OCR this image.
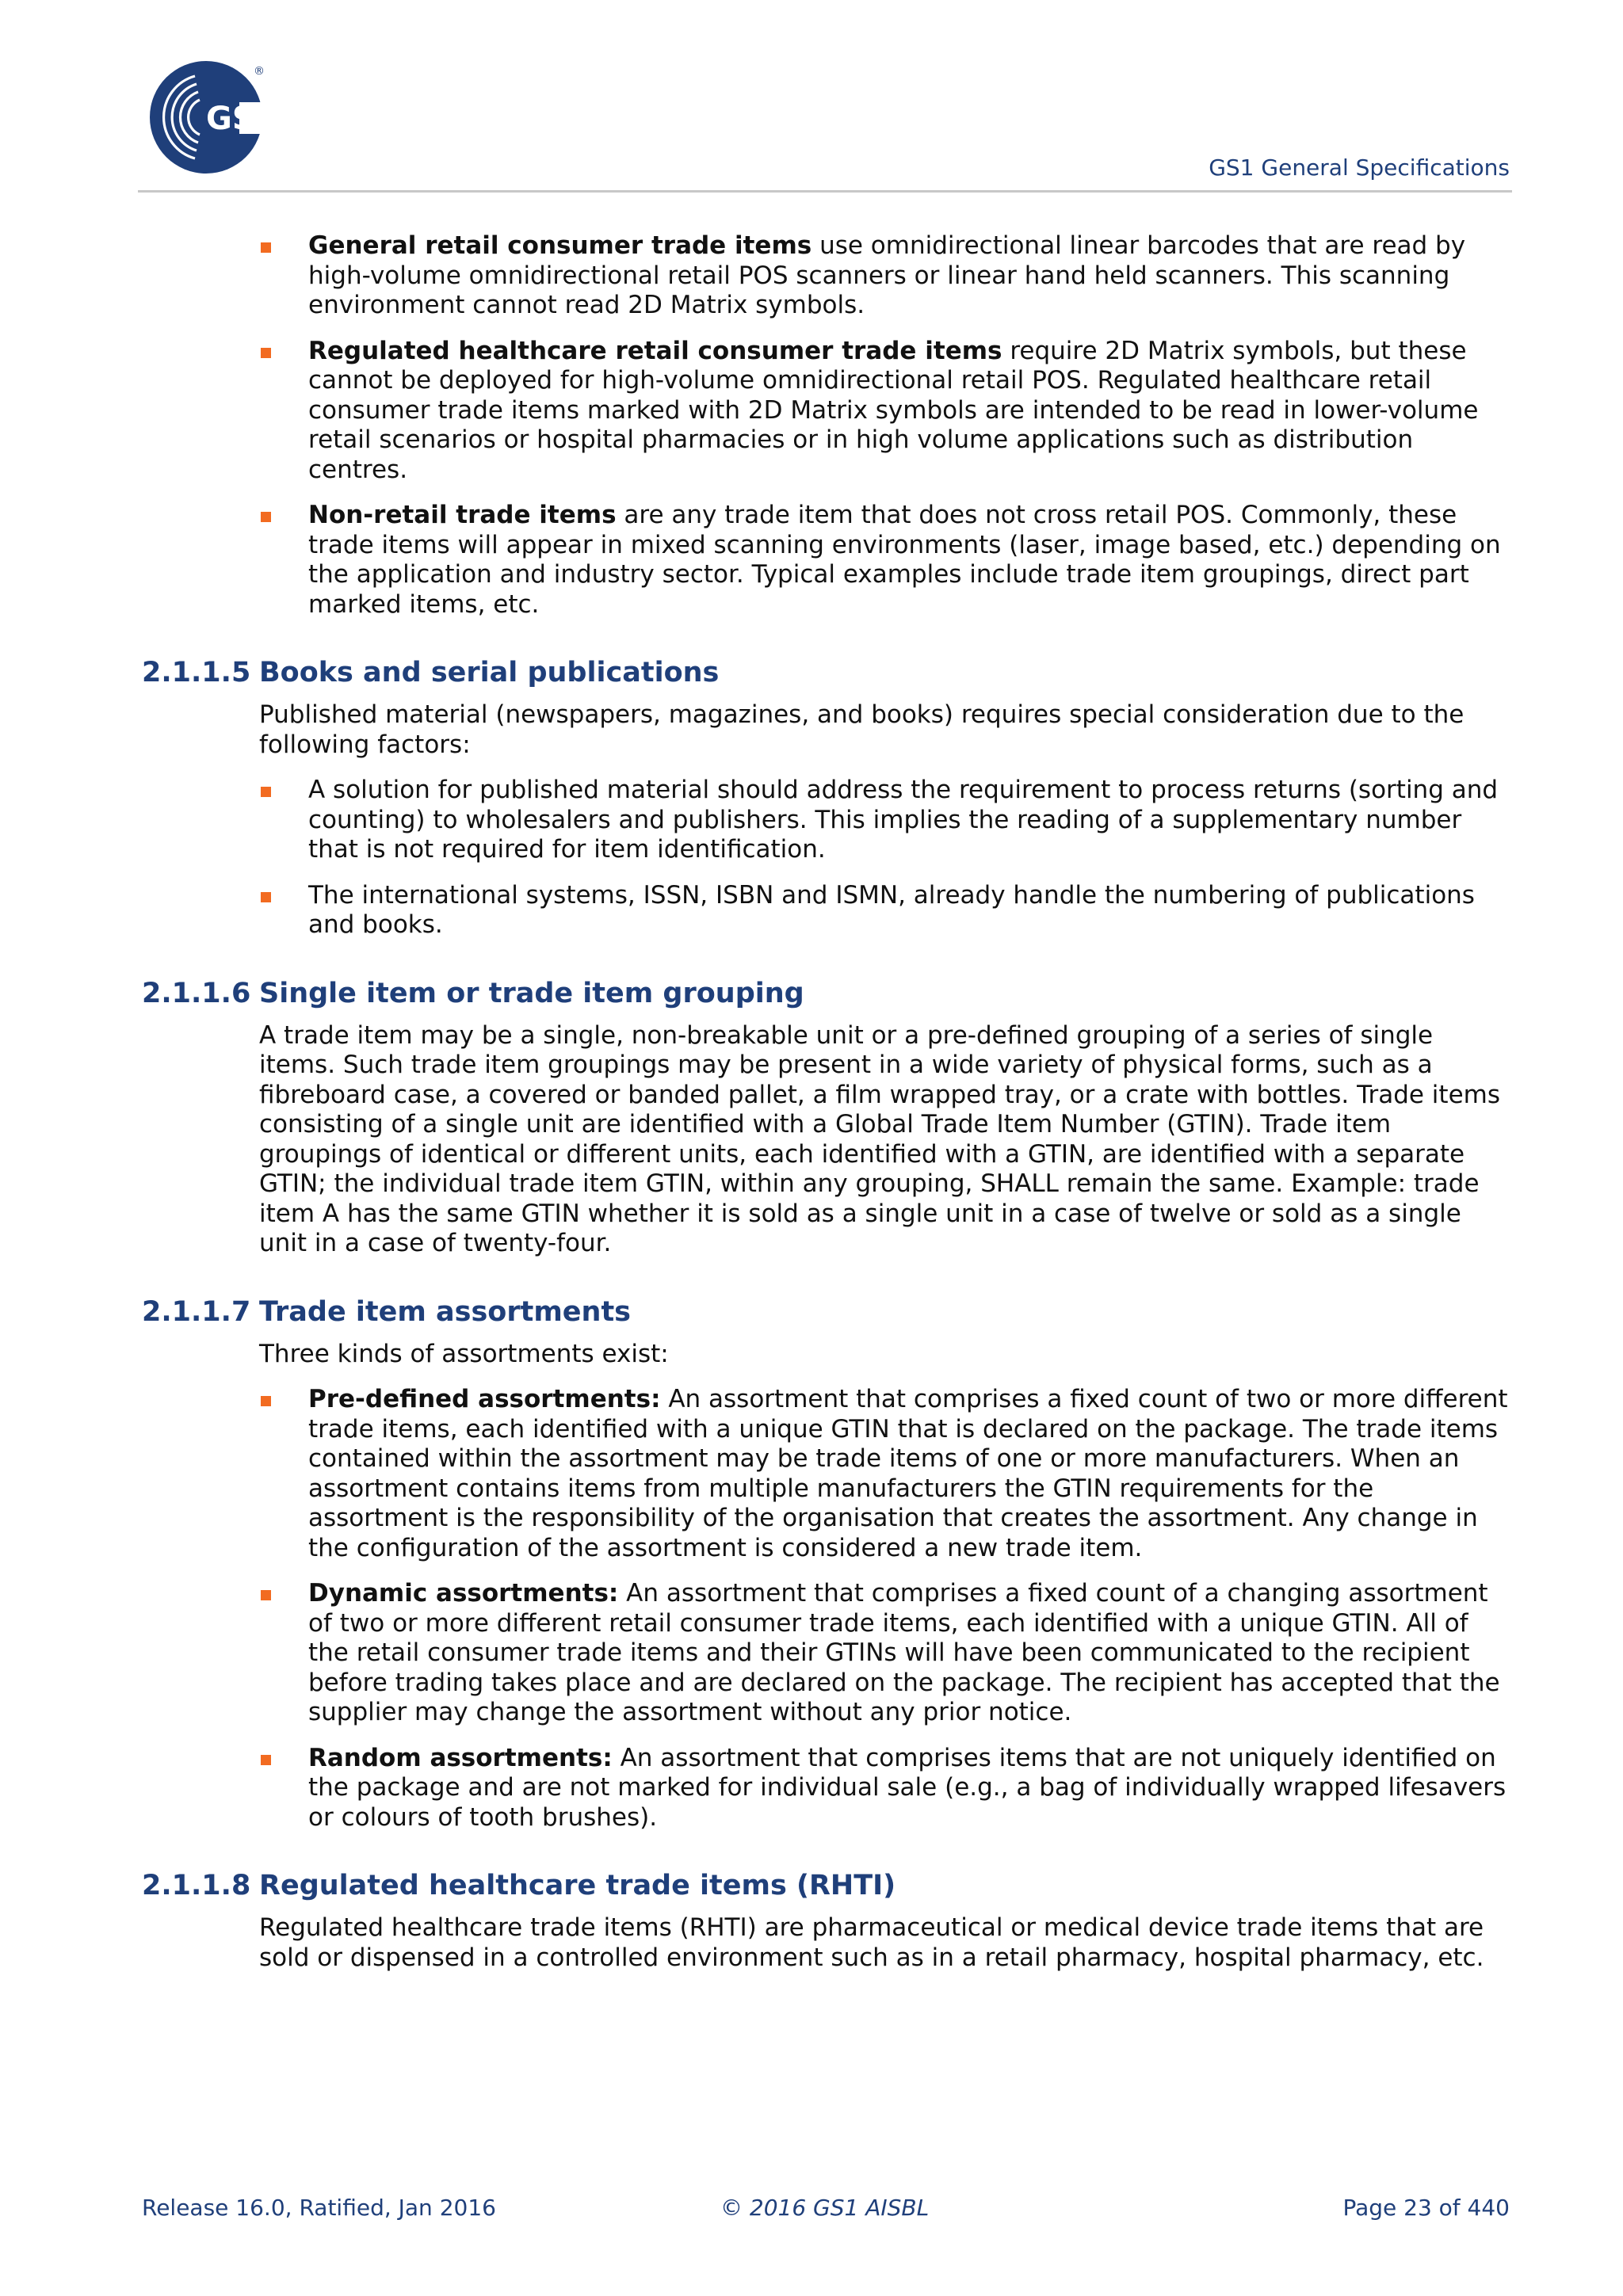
GS1
®
GS1 General Specifications
General retail consumer trade items use omnidirectional linear barcodes that are read by high-volume omnidirectional retail POS scanners or linear hand held scanners. This scanning environment cannot read 2D Matrix symbols.
Regulated healthcare retail consumer trade items require 2D Matrix symbols, but these cannot be deployed for high-volume omnidirectional retail POS. Regulated healthcare retail consumer trade items marked with 2D Matrix symbols are intended to be read in lower-volume retail scenarios or hospital pharmacies or in high volume applications such as distribution centres.
Non-retail trade items are any trade item that does not cross retail POS. Commonly, these trade items will appear in mixed scanning environments (laser, image based, etc.) depending on the application and industry sector. Typical examples include trade item groupings, direct part marked items, etc.
2.1.1.5 Books and serial publications

Published material (newspapers, magazines, and books) requires special consideration due to the following factors:

A solution for published material should address the requirement to process returns (sorting and counting) to wholesalers and publishers. This implies the reading of a supplementary number that is not required for item identification.
The international systems, ISSN, ISBN and ISMN, already handle the numbering of publications and books.
2.1.1.6 Single item or trade item grouping

A trade item may be a single, non-breakable unit or a pre-defined grouping of a series of single items. Such trade item groupings may be present in a wide variety of physical forms, such as a fibreboard case, a covered or banded pallet, a film wrapped tray, or a crate with bottles. Trade items consisting of a single unit are identified with a Global Trade Item Number (GTIN). Trade item groupings of identical or different units, each identified with a GTIN, are identified with a separate GTIN; the individual trade item GTIN, within any grouping, SHALL remain the same. Example: trade item A has the same GTIN whether it is sold as a single unit in a case of twelve or sold as a single unit in a case of twenty-four.

2.1.1.7 Trade item assortments

Three kinds of assortments exist:

Pre-defined assortments: An assortment that comprises a fixed count of two or more different trade items, each identified with a unique GTIN that is declared on the package. The trade items contained within the assortment may be trade items of one or more manufacturers. When an assortment contains items from multiple manufacturers the GTIN requirements for the assortment is the responsibility of the organisation that creates the assortment. Any change in the configuration of the assortment is considered a new trade item.
Dynamic assortments: An assortment that comprises a fixed count of a changing assortment of two or more different retail consumer trade items, each identified with a unique GTIN. All of the retail consumer trade items and their GTINs will have been communicated to the recipient before trading takes place and are declared on the package. The recipient has accepted that the supplier may change the assortment without any prior notice.
Random assortments: An assortment that comprises items that are not uniquely identified on the package and are not marked for individual sale (e.g., a bag of individually wrapped lifesavers or colours of tooth brushes).
2.1.1.8 Regulated healthcare trade items (RHTI)

Regulated healthcare trade items (RHTI) are pharmaceutical or medical device trade items that are sold or dispensed in a controlled environment such as in a retail pharmacy, hospital pharmacy, etc.

Release 16.0, Ratified, Jan 2016	© 2016 GS1 AISBL	Page 23 of 440
